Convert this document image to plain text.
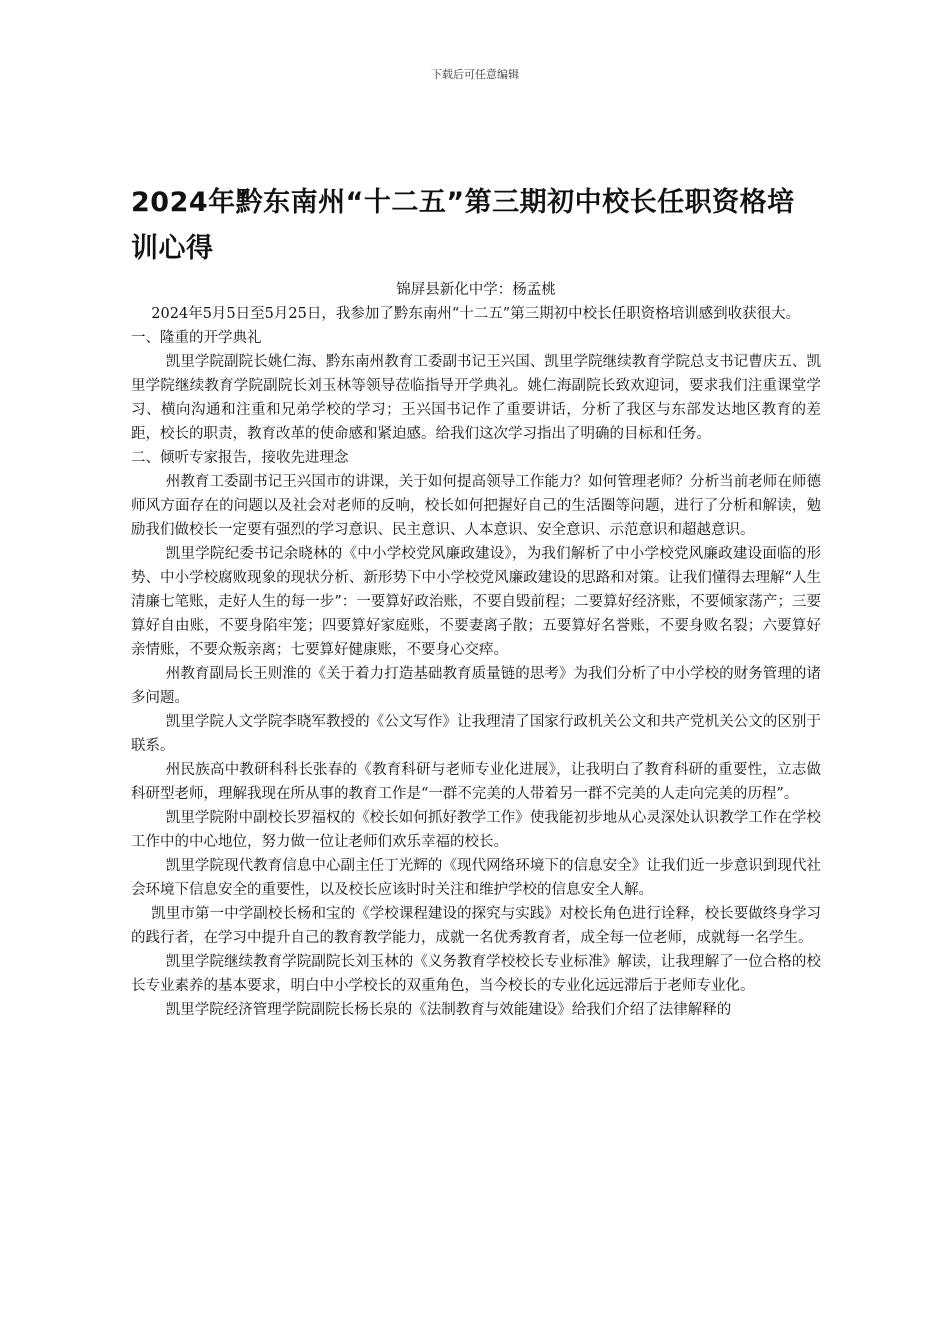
下载后可任意编辑
2024年黔东南州“十二五”第三期初中校长任职资格培训心得
锦屏县新化中学：杨孟桃

2024年5月5日至5月25日，我参加了黔东南州“十二五”第三期初中校长任职资格培训感到收获很大。

一、隆重的开学典礼

凯里学院副院长姚仁海、黔东南州教育工委副书记王兴国、凯里学院继续教育学院总支书记曹庆五、凯里学院继续教育学院副院长刘玉林等领导莅临指导开学典礼。姚仁海副院长致欢迎词，要求我们注重课堂学习、横向沟通和注重和兄弟学校的学习；王兴国书记作了重要讲话，分析了我区与东部发达地区教育的差距，校长的职责，教育改革的使命感和紧迫感。给我们这次学习指出了明确的目标和任务。

二、倾听专家报告，接收先进理念

州教育工委副书记王兴国市的讲课，关于如何提高领导工作能力？如何管理老师？分析当前老师在师德师风方面存在的问题以及社会对老师的反响，校长如何把握好自己的生活圈等问题，进行了分析和解读，勉励我们做校长一定要有强烈的学习意识、民主意识、人本意识、安全意识、示范意识和超越意识。

凯里学院纪委书记余晓林的《中小学校党风廉政建设》，为我们解析了中小学校党风廉政建设面临的形势、中小学校腐败现象的现状分析、新形势下中小学校党风廉政建设的思路和对策。让我们懂得去理解“人生清廉七笔账，走好人生的每一步”：一要算好政治账，不要自毁前程；二要算好经济账，不要倾家荡产；三要算好自由账，不要身陷牢笼；四要算好家庭账，不要妻离子散；五要算好名誉账，不要身败名裂；六要算好亲情账，不要众叛亲离；七要算好健康账，不要身心交瘁。

州教育副局长王则淮的《关于着力打造基础教育质量链的思考》为我们分析了中小学校的财务管理的诸多问题。

凯里学院人文学院李晓军教授的《公文写作》让我理清了国家行政机关公文和共产党机关公文的区别于联系。

州民族高中教研科科长张春的《教育科研与老师专业化进展》，让我明白了教育科研的重要性，立志做科研型老师，理解我现在所从事的教育工作是“一群不完美的人带着另一群不完美的人走向完美的历程”。

凯里学院附中副校长罗福权的《校长如何抓好教学工作》使我能初步地从心灵深处认识教学工作在学校工作中的中心地位，努力做一位让老师们欢乐幸福的校长。

凯里学院现代教育信息中心副主任丁光辉的《现代网络环境下的信息安全》让我们近一步意识到现代社会环境下信息安全的重要性，以及校长应该时时关注和维护学校的信息安全人解。

凯里市第一中学副校长杨和宝的《学校课程建设的探究与实践》对校长角色进行诠释，校长要做终身学习的践行者，在学习中提升自己的教育教学能力，成就一名优秀教育者，成全每一位老师，成就每一名学生。

凯里学院继续教育学院副院长刘玉林的《义务教育学校校长专业标准》解读，让我理解了一位合格的校长专业素养的基本要求，明白中小学校长的双重角色，当今校长的专业化远远滞后于老师专业化。

凯里学院经济管理学院副院长杨长泉的《法制教育与效能建设》给我们介绍了法律解释的
